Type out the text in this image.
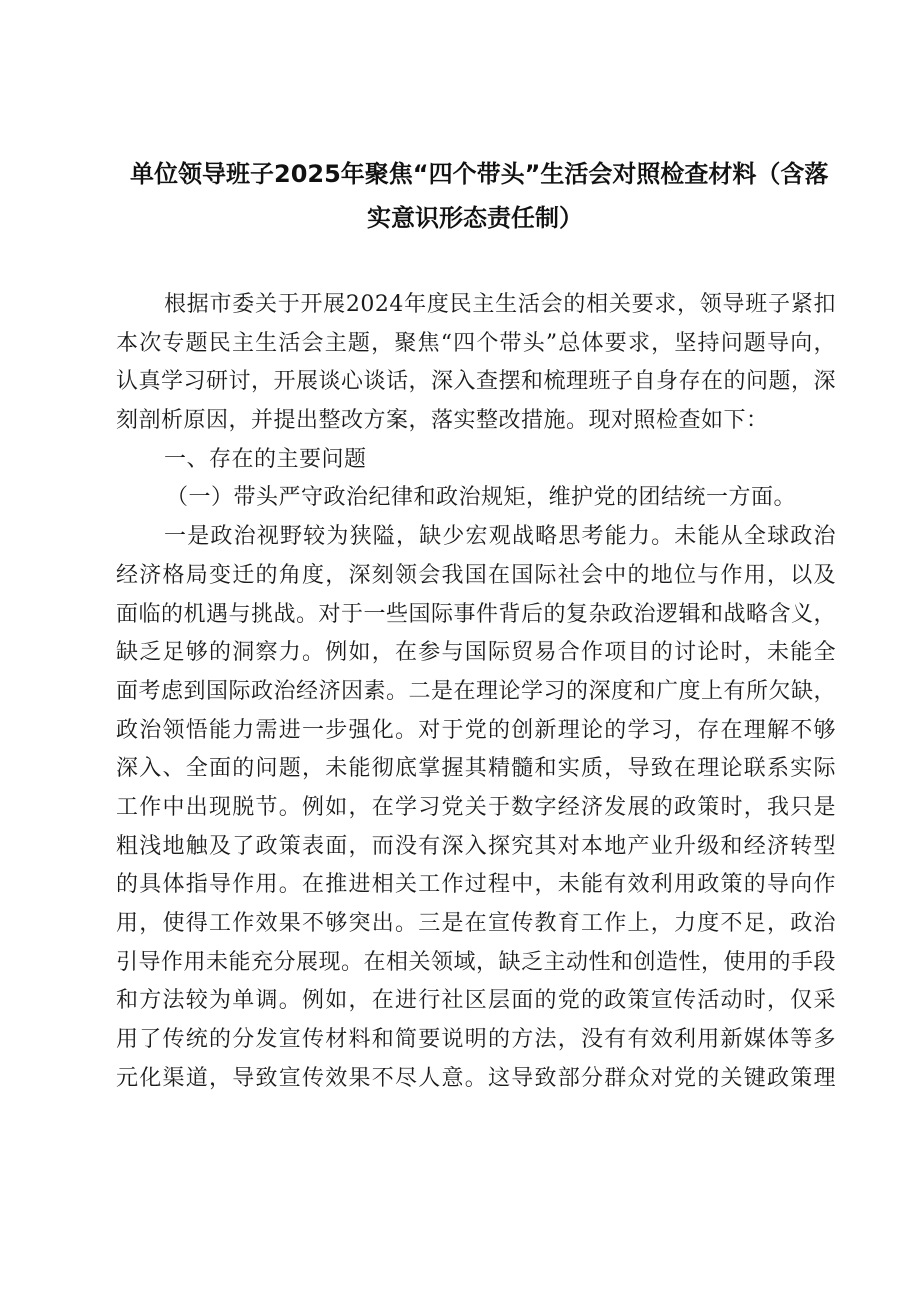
单位领导班子2025年聚焦“四个带头”生活会对照检查材料（含落
实意识形态责任制）
根据市委关于开展2024年度民主生活会的相关要求，领导班子紧扣
本次专题民主生活会主题，聚焦“四个带头”总体要求，坚持问题导向，
认真学习研讨，开展谈心谈话，深入查摆和梳理班子自身存在的问题，深
刻剖析原因，并提出整改方案，落实整改措施。现对照检查如下：
一、存在的主要问题
（一）带头严守政治纪律和政治规矩，维护党的团结统一方面。
一是政治视野较为狭隘，缺少宏观战略思考能力。未能从全球政治
经济格局变迁的角度，深刻领会我国在国际社会中的地位与作用，以及
面临的机遇与挑战。对于一些国际事件背后的复杂政治逻辑和战略含义，
缺乏足够的洞察力。例如，在参与国际贸易合作项目的讨论时，未能全
面考虑到国际政治经济因素。二是在理论学习的深度和广度上有所欠缺，
政治领悟能力需进一步强化。对于党的创新理论的学习，存在理解不够
深入、全面的问题，未能彻底掌握其精髓和实质，导致在理论联系实际
工作中出现脱节。例如，在学习党关于数字经济发展的政策时，我只是
粗浅地触及了政策表面，而没有深入探究其对本地产业升级和经济转型
的具体指导作用。在推进相关工作过程中，未能有效利用政策的导向作
用，使得工作效果不够突出。三是在宣传教育工作上，力度不足，政治
引导作用未能充分展现。在相关领域，缺乏主动性和创造性，使用的手段
和方法较为单调。例如，在进行社区层面的党的政策宣传活动时，仅采
用了传统的分发宣传材料和简要说明的方法，没有有效利用新媒体等多
元化渠道，导致宣传效果不尽人意。这导致部分群众对党的关键政策理
